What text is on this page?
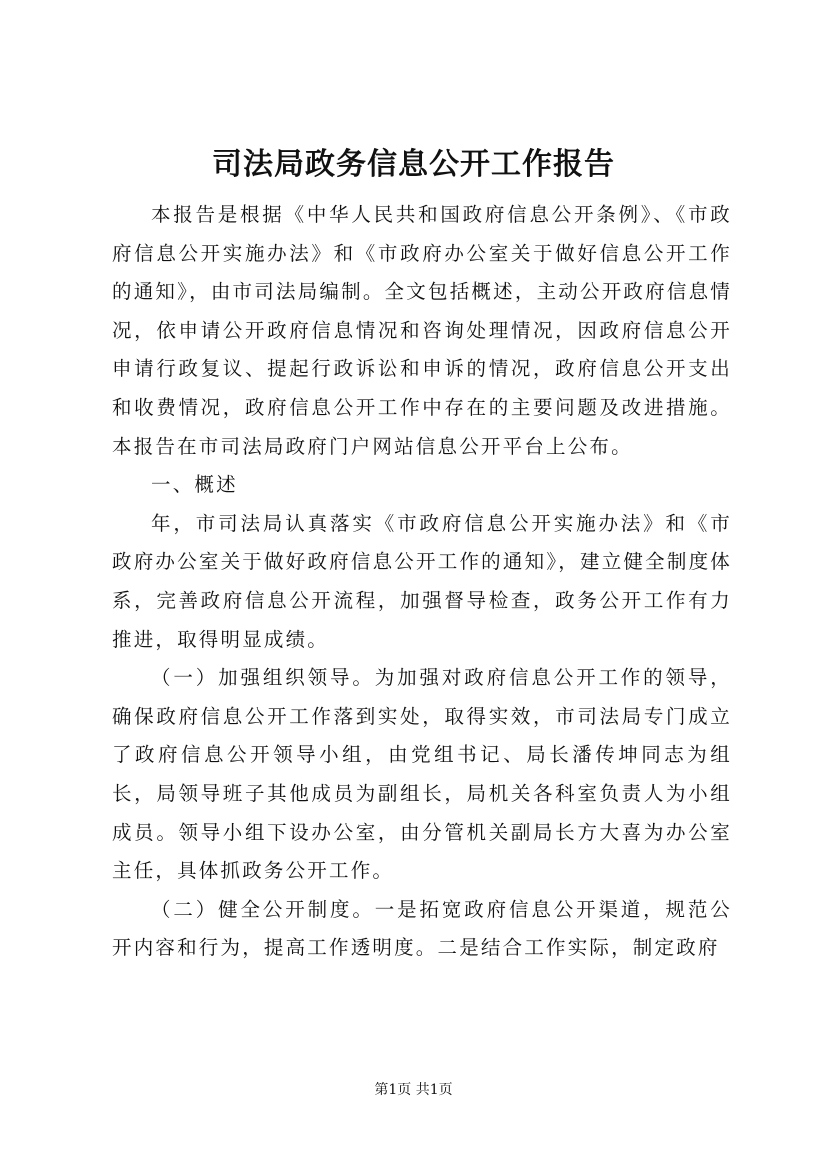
司法局政务信息公开工作报告

本报告是根据《中华人民共和国政府信息公开条例》、《市政府信息公开实施办法》和《市政府办公室关于做好信息公开工作的通知》，由市司法局编制。全文包括概述，主动公开政府信息情况，依申请公开政府信息情况和咨询处理情况，因政府信息公开申请行政复议、提起行政诉讼和申诉的情况，政府信息公开支出和收费情况，政府信息公开工作中存在的主要问题及改进措施。本报告在市司法局政府门户网站信息公开平台上公布。

一、概述

年，市司法局认真落实《市政府信息公开实施办法》和《市政府办公室关于做好政府信息公开工作的通知》，建立健全制度体系，完善政府信息公开流程，加强督导检查，政务公开工作有力推进，取得明显成绩。

（一）加强组织领导。为加强对政府信息公开工作的领导，确保政府信息公开工作落到实处，取得实效，市司法局专门成立了政府信息公开领导小组，由党组书记、局长潘传坤同志为组长，局领导班子其他成员为副组长，局机关各科室负责人为小组成员。领导小组下设办公室，由分管机关副局长方大喜为办公室主任，具体抓政务公开工作。

（二）健全公开制度。一是拓宽政府信息公开渠道，规范公开内容和行为，提高工作透明度。二是结合工作实际，制定政府

第1页 共1页
